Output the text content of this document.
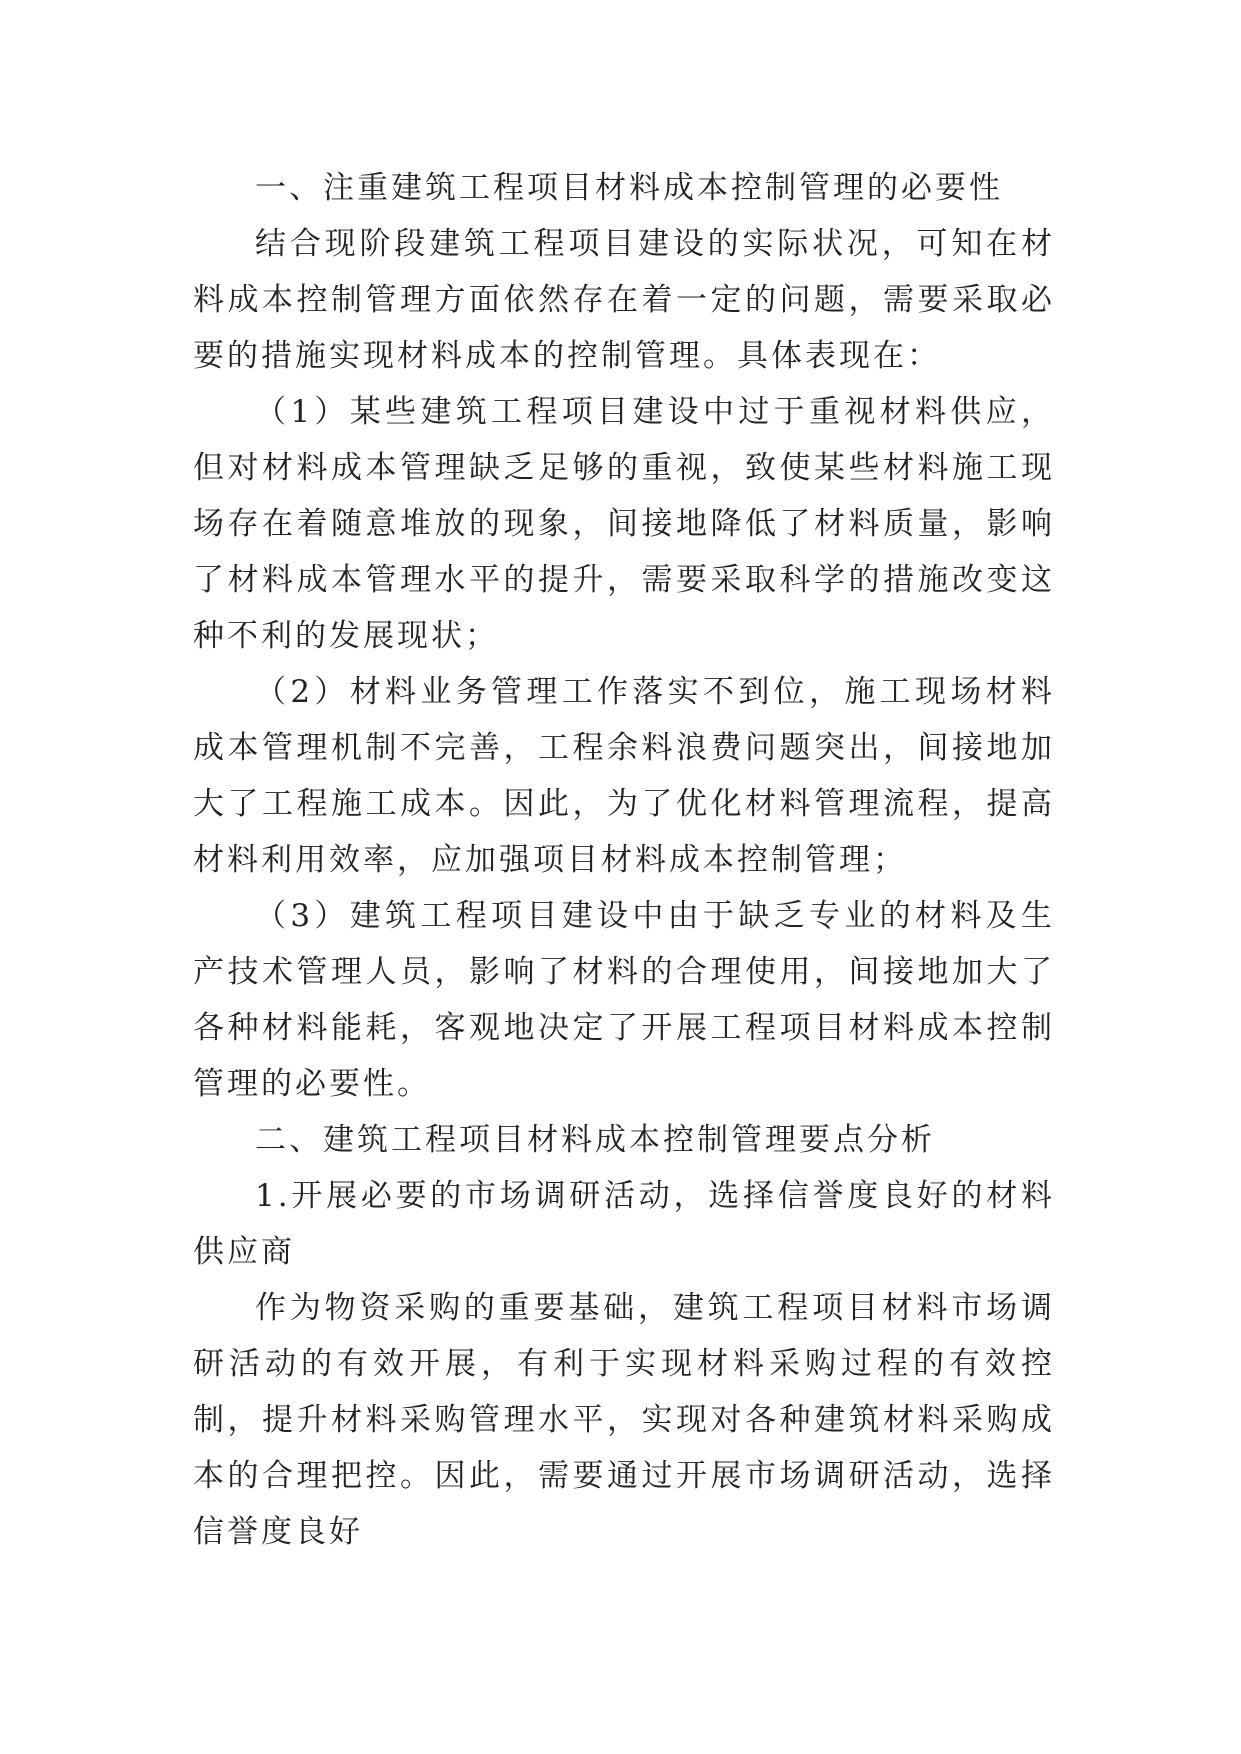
一、注重建筑工程项目材料成本控制管理的必要性

结合现阶段建筑工程项目建设的实际状况，可知在材料成本控制管理方面依然存在着一定的问题，需要采取必要的措施实现材料成本的控制管理。具体表现在：

（1）某些建筑工程项目建设中过于重视材料供应，但对材料成本管理缺乏足够的重视，致使某些材料施工现场存在着随意堆放的现象，间接地降低了材料质量，影响了材料成本管理水平的提升，需要采取科学的措施改变这种不利的发展现状；

（2）材料业务管理工作落实不到位，施工现场材料成本管理机制不完善，工程余料浪费问题突出，间接地加大了工程施工成本。因此，为了优化材料管理流程，提高材料利用效率，应加强项目材料成本控制管理；

（3）建筑工程项目建设中由于缺乏专业的材料及生产技术管理人员，影响了材料的合理使用，间接地加大了各种材料能耗，客观地决定了开展工程项目材料成本控制管理的必要性。

二、建筑工程项目材料成本控制管理要点分析

1.开展必要的市场调研活动，选择信誉度良好的材料供应商

作为物资采购的重要基础，建筑工程项目材料市场调研活动的有效开展，有利于实现材料采购过程的有效控制，提升材料采购管理水平，实现对各种建筑材料采购成本的合理把控。因此，需要通过开展市场调研活动，选择信誉度良好
